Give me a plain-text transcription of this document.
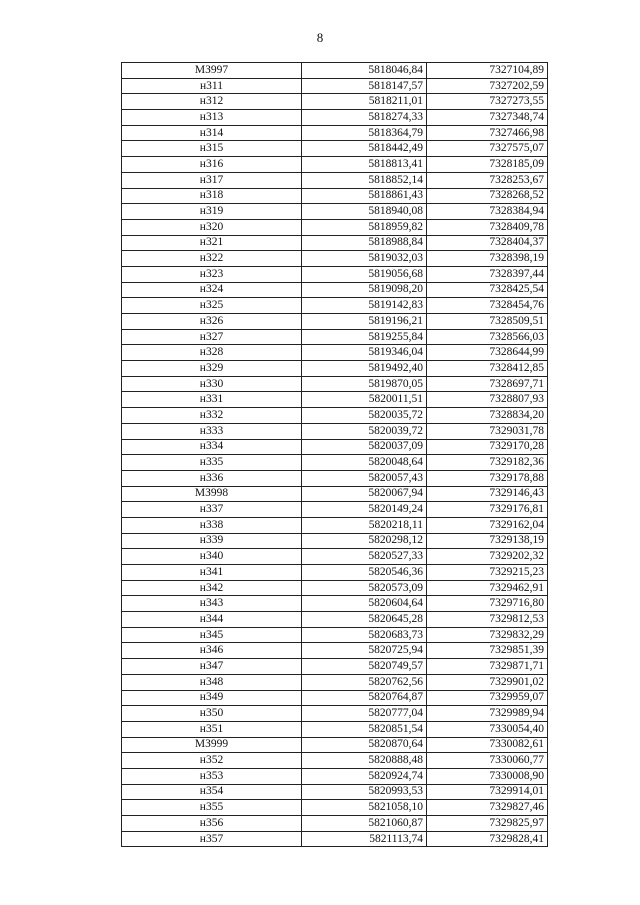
8
МЗ997	5818046,84	7327104,89
н311	5818147,57	7327202,59
н312	5818211,01	7327273,55
н313	5818274,33	7327348,74
н314	5818364,79	7327466,98
н315	5818442,49	7327575,07
н316	5818813,41	7328185,09
н317	5818852,14	7328253,67
н318	5818861,43	7328268,52
н319	5818940,08	7328384,94
н320	5818959,82	7328409,78
н321	5818988,84	7328404,37
н322	5819032,03	7328398,19
н323	5819056,68	7328397,44
н324	5819098,20	7328425,54
н325	5819142,83	7328454,76
н326	5819196,21	7328509,51
н327	5819255,84	7328566,03
н328	5819346,04	7328644,99
н329	5819492,40	7328412,85
н330	5819870,05	7328697,71
н331	5820011,51	7328807,93
н332	5820035,72	7328834,20
н333	5820039,72	7329031,78
н334	5820037,09	7329170,28
н335	5820048,64	7329182,36
н336	5820057,43	7329178,88
МЗ998	5820067,94	7329146,43
н337	5820149,24	7329176,81
н338	5820218,11	7329162,04
н339	5820298,12	7329138,19
н340	5820527,33	7329202,32
н341	5820546,36	7329215,23
н342	5820573,09	7329462,91
н343	5820604,64	7329716,80
н344	5820645,28	7329812,53
н345	5820683,73	7329832,29
н346	5820725,94	7329851,39
н347	5820749,57	7329871,71
н348	5820762,56	7329901,02
н349	5820764,87	7329959,07
н350	5820777,04	7329989,94
н351	5820851,54	7330054,40
МЗ999	5820870,64	7330082,61
н352	5820888,48	7330060,77
н353	5820924,74	7330008,90
н354	5820993,53	7329914,01
н355	5821058,10	7329827,46
н356	5821060,87	7329825,97
н357	5821113,74	7329828,41
